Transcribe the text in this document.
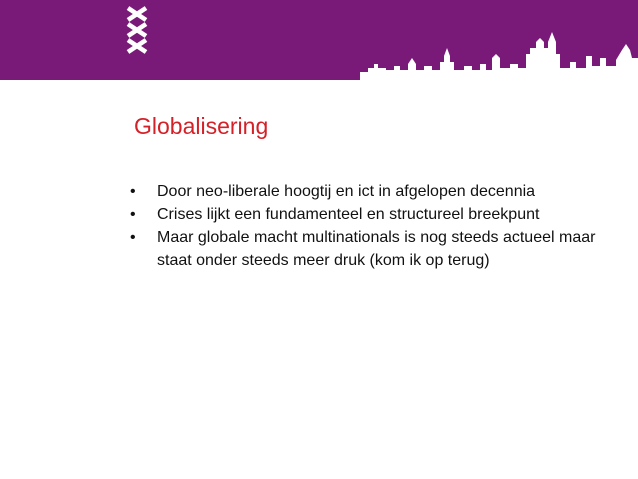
Globalisering
•	Door neo-liberale hoogtij en ict in afgelopen decennia
•	Crises lijkt een fundamenteel en structureel breekpunt
•	Maar globale macht multinationals is nog steeds actueel maar staat onder steeds meer druk (kom ik op terug)
